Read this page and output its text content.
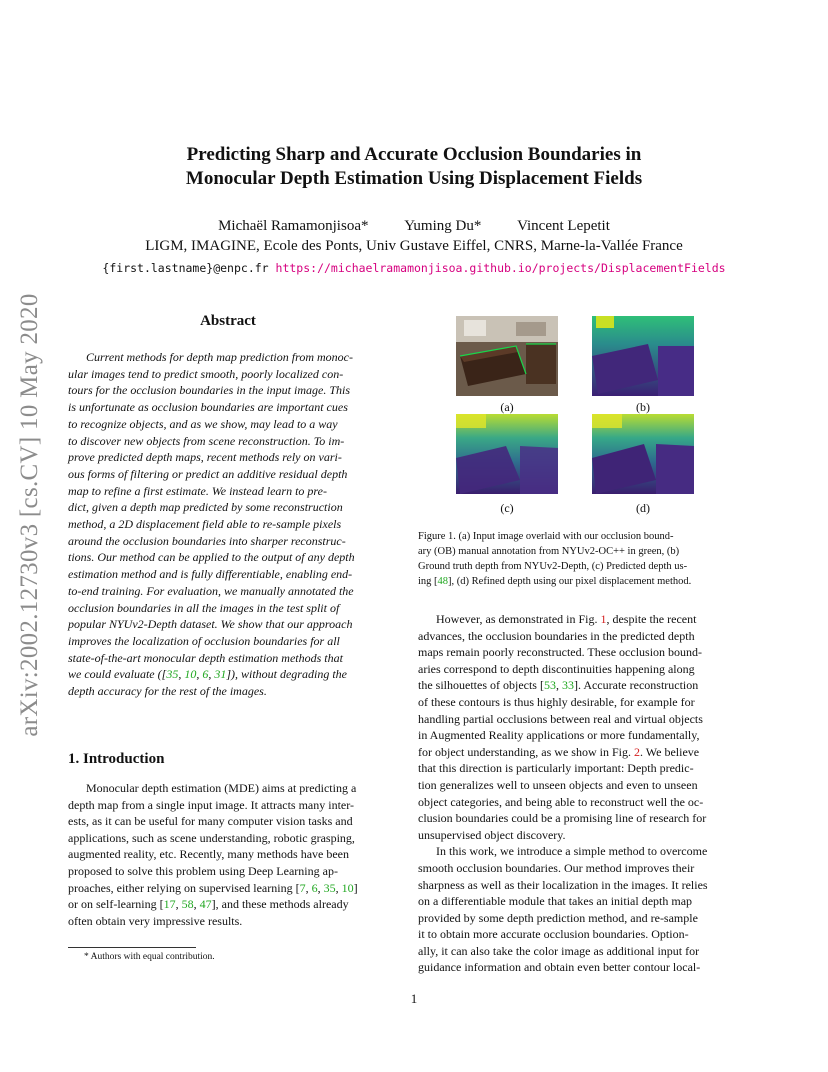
arXiv:2002.12730v3 [cs.CV] 10 May 2020
Predicting Sharp and Accurate Occlusion Boundaries in
Monocular Depth Estimation Using Displacement Fields
Michaël Ramamonjisoa* Yuming Du* Vincent Lepetit
LIGM, IMAGINE, Ecole des Ponts, Univ Gustave Eiffel, CNRS, Marne-la-Vallée France
{first.lastname}@enpc.fr https://michaelramamonjisoa.github.io/projects/DisplacementFields
Abstract
Current methods for depth map prediction from monoc-
ular images tend to predict smooth, poorly localized con-
tours for the occlusion boundaries in the input image. This
is unfortunate as occlusion boundaries are important cues
to recognize objects, and as we show, may lead to a way
to discover new objects from scene reconstruction. To im-
prove predicted depth maps, recent methods rely on vari-
ous forms of filtering or predict an additive residual depth
map to refine a first estimate. We instead learn to pre-
dict, given a depth map predicted by some reconstruction
method, a 2D displacement field able to re-sample pixels
around the occlusion boundaries into sharper reconstruc-
tions. Our method can be applied to the output of any depth
estimation method and is fully differentiable, enabling end-
to-end training. For evaluation, we manually annotated the
occlusion boundaries in all the images in the test split of
popular NYUv2-Depth dataset. We show that our approach
improves the localization of occlusion boundaries for all
state-of-the-art monocular depth estimation methods that
we could evaluate ([35, 10, 6, 31]), without degrading the
depth accuracy for the rest of the images.
1. Introduction
Monocular depth estimation (MDE) aims at predicting a
depth map from a single input image. It attracts many inter-
ests, as it can be useful for many computer vision tasks and
applications, such as scene understanding, robotic grasping,
augmented reality, etc. Recently, many methods have been
proposed to solve this problem using Deep Learning ap-
proaches, either relying on supervised learning [7, 6, 35, 10]
or on self-learning [17, 58, 47], and these methods already
often obtain very impressive results.
* Authors with equal contribution.
1
(a)	(b)
(c)	(d)
Figure 1. (a) Input image overlaid with our occlusion bound-
ary (OB) manual annotation from NYUv2-OC++ in green, (b)
Ground truth depth from NYUv2-Depth, (c) Predicted depth us-
ing [48], (d) Refined depth using our pixel displacement method.
However, as demonstrated in Fig. 1, despite the recent
advances, the occlusion boundaries in the predicted depth
maps remain poorly reconstructed. These occlusion bound-
aries correspond to depth discontinuities happening along
the silhouettes of objects [53, 33]. Accurate reconstruction
of these contours is thus highly desirable, for example for
handling partial occlusions between real and virtual objects
in Augmented Reality applications or more fundamentally,
for object understanding, as we show in Fig. 2. We believe
that this direction is particularly important: Depth predic-
tion generalizes well to unseen objects and even to unseen
object categories, and being able to reconstruct well the oc-
clusion boundaries could be a promising line of research for
unsupervised object discovery.
In this work, we introduce a simple method to overcome
smooth occlusion boundaries. Our method improves their
sharpness as well as their localization in the images. It relies
on a differentiable module that takes an initial depth map
provided by some depth prediction method, and re-sample
it to obtain more accurate occlusion boundaries. Option-
ally, it can also take the color image as additional input for
guidance information and obtain even better contour local-
